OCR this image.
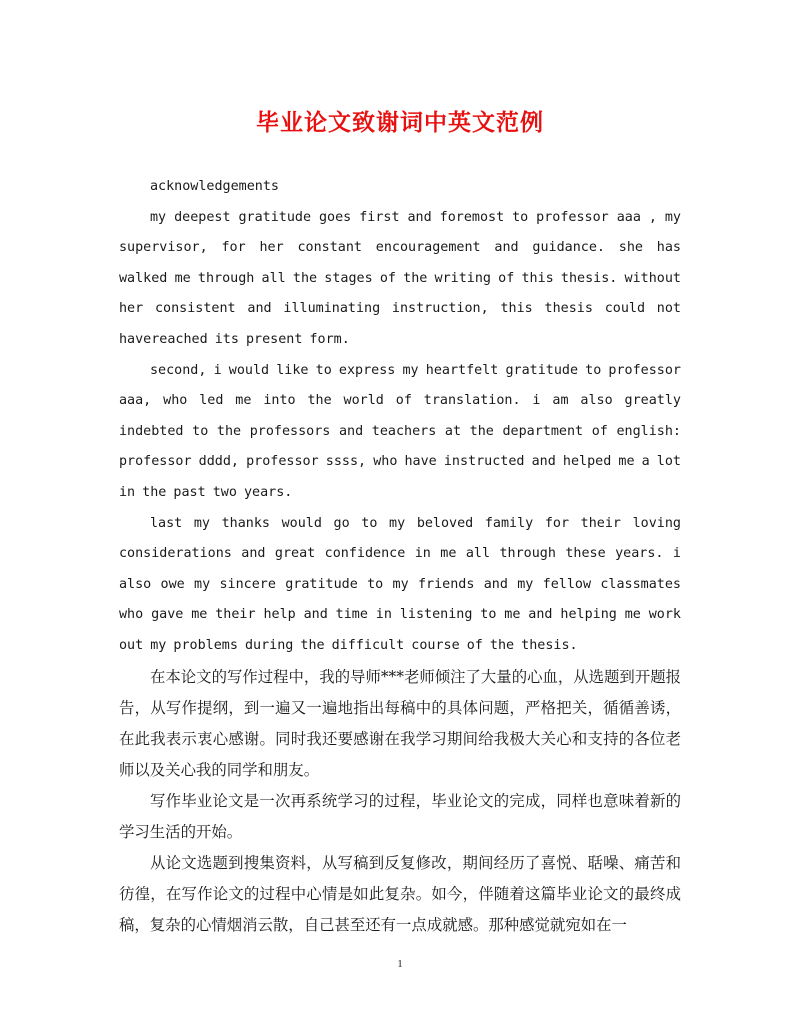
毕业论文致谢词中英文范例

acknowledgements

my deepest gratitude goes first and foremost to professor aaa , my supervisor, for her constant encouragement and guidance. she has walked me through all the stages of the writing of this thesis. without her consistent and illuminating instruction, this thesis could not havereached its present form.

second, i would like to express my heartfelt gratitude to professor aaa, who led me into the world of translation. i am also greatly indebted to the professors and teachers at the department of english: professor dddd, professor ssss, who have instructed and helped me a lot in the past two years.

last my thanks would go to my beloved family for their loving considerations and great confidence in me all through these years. i also owe my sincere gratitude to my friends and my fellow classmates who gave me their help and time in listening to me and helping me work out my problems during the difficult course of the thesis.

在本论文的写作过程中，我的导师***老师倾注了大量的心血，从选题到开题报告，从写作提纲，到一遍又一遍地指出每稿中的具体问题，严格把关，循循善诱，在此我表示衷心感谢。同时我还要感谢在我学习期间给我极大关心和支持的各位老师以及关心我的同学和朋友。

写作毕业论文是一次再系统学习的过程，毕业论文的完成，同样也意味着新的学习生活的开始。

从论文选题到搜集资料，从写稿到反复修改，期间经历了喜悦、聒噪、痛苦和彷徨，在写作论文的过程中心情是如此复杂。如今，伴随着这篇毕业论文的最终成稿，复杂的心情烟消云散，自己甚至还有一点成就感。那种感觉就宛如在一

1
